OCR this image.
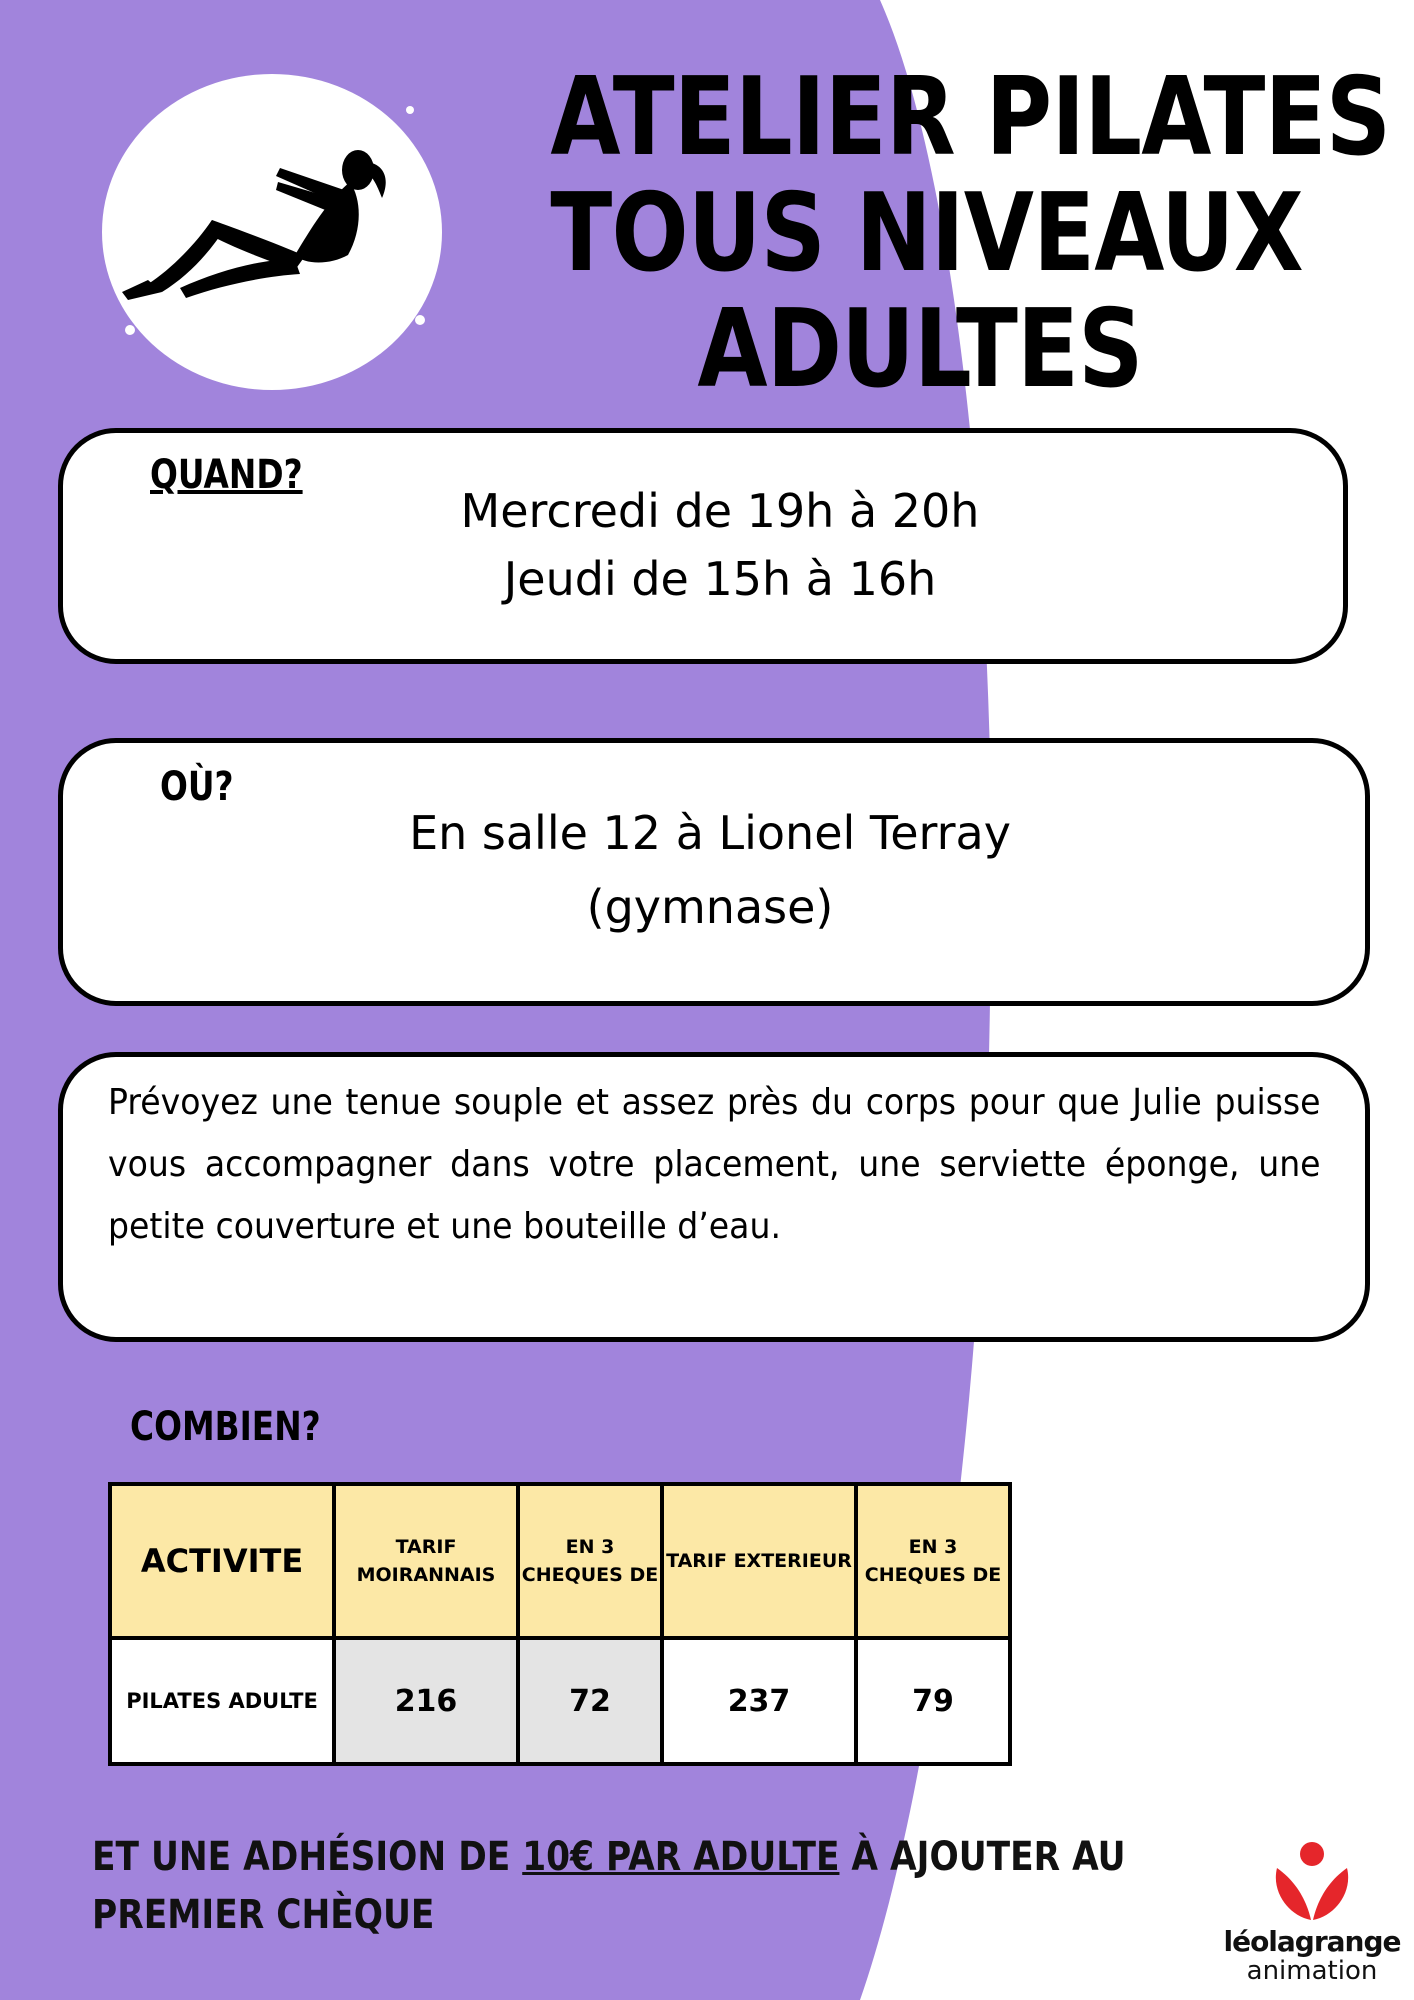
ATELIER PILATES
TOUS NIVEAUX
ADULTES
QUAND?
Mercredi de 19h à 20h
Jeudi de 15h à 16h
OÙ?
En salle 12 à Lionel Terray
(gymnase)
Prévoyez une tenue souple et assez près du corps pour que Julie puisse vous accompagner dans votre placement, une serviette éponge, une petite couverture et une bouteille d’eau.
COMBIEN?
ACTIVITE	TARIF MOIRANNAIS	EN 3 CHEQUES DE	TARIF EXTERIEUR	EN 3 CHEQUES DE
PILATES ADULTE	216	72	237	79
ET UNE ADHÉSION DE 10€ PAR ADULTE À AJOUTER AU
PREMIER CHÈQUE
léolagrange
animation
